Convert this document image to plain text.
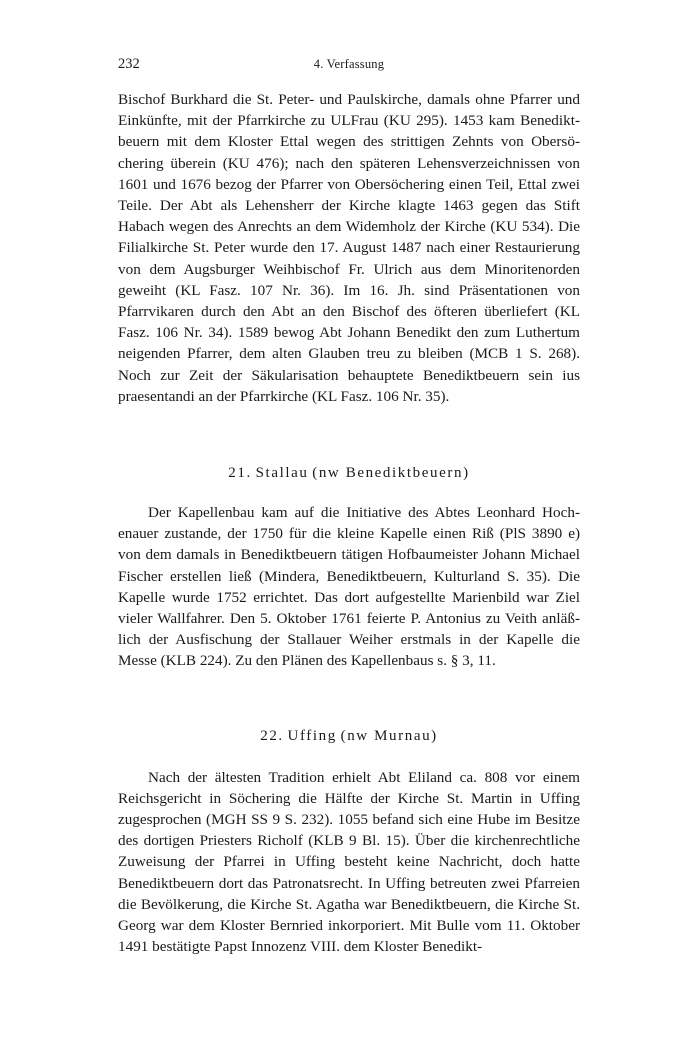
232	4. Verfassung

Bischof Burkhard die St. Peter- und Paulskirche, damals ohne Pfarrer und Einkünfte, mit der Pfarrkirche zu ULFrau (KU 295). 1453 kam Benediktbeuern mit dem Kloster Ettal wegen des strittigen Zehnts von Obersöchering überein (KU 476); nach den späteren Lehensverzeichnissen von 1601 und 1676 bezog der Pfarrer von Obersöchering einen Teil, Ettal zwei Teile. Der Abt als Lehensherr der Kirche klagte 1463 gegen das Stift Habach wegen des Anrechts an dem Widemholz der Kirche (KU 534). Die Filialkirche St. Peter wurde den 17. August 1487 nach einer Restaurierung von dem Augsburger Weihbischof Fr. Ulrich aus dem Minoritenorden geweiht (KL Fasz. 107 Nr. 36). Im 16. Jh. sind Präsentationen von Pfarrvikaren durch den Abt an den Bischof des öfteren überliefert (KL Fasz. 106 Nr. 34). 1589 bewog Abt Johann Benedikt den zum Luthertum neigenden Pfarrer, dem alten Glauben treu zu bleiben (MCB 1 S. 268). Noch zur Zeit der Säkularisation behauptete Benediktbeuern sein ius praesentandi an der Pfarrkirche (KL Fasz. 106 Nr. 35).

21. Stallau (nw Benediktbeuern)

Der Kapellenbau kam auf die Initiative des Abtes Leonhard Hochenauer zustande, der 1750 für die kleine Kapelle einen Riß (PlS 3890 e) von dem damals in Benediktbeuern tätigen Hofbaumeister Johann Michael Fischer erstellen ließ (Mindera, Benediktbeuern, Kulturland S. 35). Die Kapelle wurde 1752 errichtet. Das dort aufgestellte Marienbild war Ziel vieler Wallfahrer. Den 5. Oktober 1761 feierte P. Antonius zu Veith anläßlich der Ausfischung der Stallauer Weiher erstmals in der Kapelle die Messe (KLB 224). Zu den Plänen des Kapellenbaus s. § 3, 11.

22. Uffing (nw Murnau)

Nach der ältesten Tradition erhielt Abt Eliland ca. 808 vor einem Reichsgericht in Söchering die Hälfte der Kirche St. Martin in Uffing zugesprochen (MGH SS 9 S. 232). 1055 befand sich eine Hube im Besitze des dortigen Priesters Richolf (KLB 9 Bl. 15). Über die kirchenrechtliche Zuweisung der Pfarrei in Uffing besteht keine Nachricht, doch hatte Benediktbeuern dort das Patronatsrecht. In Uffing betreuten zwei Pfarreien die Bevölkerung, die Kirche St. Agatha war Benediktbeuern, die Kirche St. Georg war dem Kloster Bernried inkorporiert. Mit Bulle vom 11. Oktober 1491 bestätigte Papst Innozenz VIII. dem Kloster Benedikt-
